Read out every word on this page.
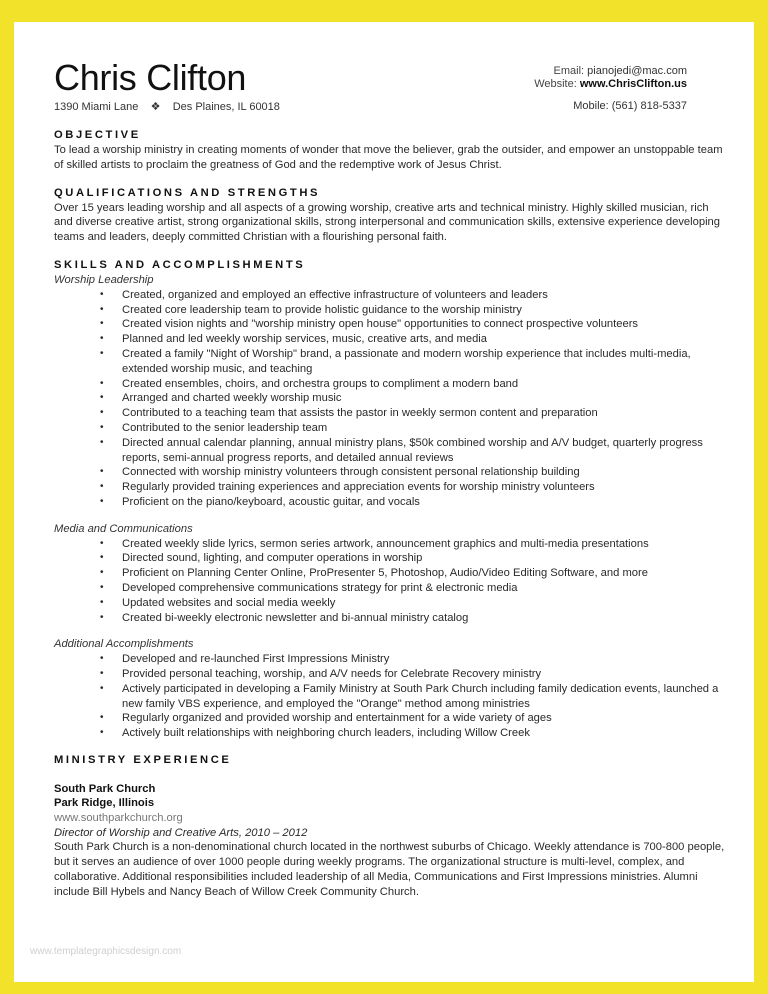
Chris Clifton
1390 Miami Lane    ❖    Des Plaines, IL 60018
Email: pianojedi@mac.com
Website: www.ChrisClifton.us
Mobile: (561) 818-5337
OBJECTIVE

To lead a worship ministry in creating moments of wonder that move the believer, grab the outsider, and empower an unstoppable team of skilled artists to proclaim the greatness of God and the redemptive work of Jesus Christ.

QUALIFICATIONS AND STRENGTHS

Over 15 years leading worship and all aspects of a growing worship, creative arts and technical ministry. Highly skilled musician, rich and diverse creative artist, strong organizational skills, strong interpersonal and communication skills, extensive experience developing teams and leaders, deeply committed Christian with a flourishing personal faith.

SKILLS AND ACCOMPLISHMENTS

Worship Leadership

• Created, organized and employed an effective infrastructure of volunteers and leaders
• Created core leadership team to provide holistic guidance to the worship ministry
• Created vision nights and "worship ministry open house" opportunities to connect prospective volunteers
• Planned and led weekly worship services, music, creative arts, and media
• Created a family "Night of Worship" brand, a passionate and modern worship experience that includes multi-media, extended worship music, and teaching
• Created ensembles, choirs, and orchestra groups to compliment a modern band
• Arranged and charted weekly worship music
• Contributed to a teaching team that assists the pastor in weekly sermon content and preparation
• Contributed to the senior leadership team
• Directed annual calendar planning, annual ministry plans, $50k combined worship and A/V budget, quarterly progress reports, semi-annual progress reports, and detailed annual reviews
• Connected with worship ministry volunteers through consistent personal relationship building
• Regularly provided training experiences and appreciation events for worship ministry volunteers
• Proficient on the piano/keyboard, acoustic guitar, and vocals

Media and Communications

• Created weekly slide lyrics, sermon series artwork, announcement graphics and multi-media presentations
• Directed sound, lighting, and computer operations in worship
• Proficient on Planning Center Online, ProPresenter 5, Photoshop, Audio/Video Editing Software, and more
• Developed comprehensive communications strategy for print & electronic media
• Updated websites and social media weekly
• Created bi-weekly electronic newsletter and bi-annual ministry catalog

Additional Accomplishments

• Developed and re-launched First Impressions Ministry
• Provided personal teaching, worship, and A/V needs for Celebrate Recovery ministry
• Actively participated in developing a Family Ministry at South Park Church including family dedication events, launched a new family VBS experience, and employed the "Orange" method among ministries
• Regularly organized and provided worship and entertainment for a wide variety of ages
• Actively built relationships with neighboring church leaders, including Willow Creek
MINISTRY EXPERIENCE

South Park Church

Park Ridge, Illinois

www.southparkchurch.org

Director of Worship and Creative Arts, 2010 – 2012

South Park Church is a non-denominational church located in the northwest suburbs of Chicago. Weekly attendance is 700-800 people, but it serves an audience of over 1000 people during weekly programs. The organizational structure is multi-level, complex, and collaborative. Additional responsibilities included leadership of all Media, Communications and First Impressions ministries. Alumni include Bill Hybels and Nancy Beach of Willow Creek Community Church.

www.templategraphicsdesign.com
